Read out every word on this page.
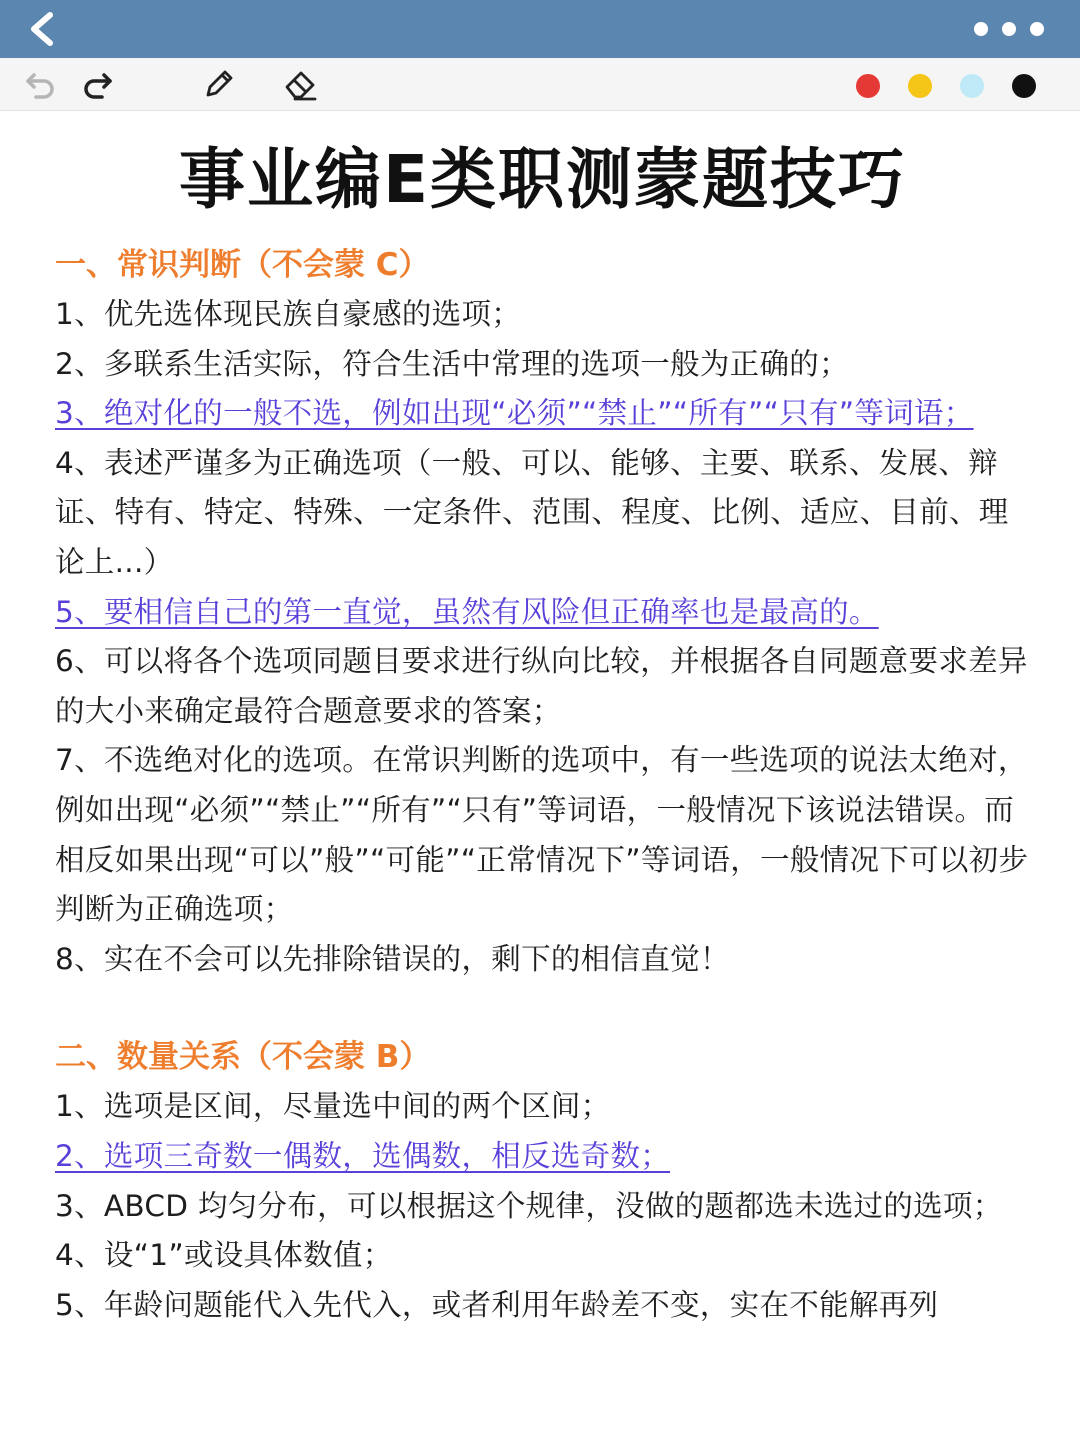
事业编E类职测蒙题技巧
一、常识判断（不会蒙 C）

1、优先选体现民族自豪感的选项；

2、多联系生活实际，符合生活中常理的选项一般为正确的；

3、绝对化的一般不选，例如出现“必须”“禁止”“所有”“只有”等词语；

4、表述严谨多为正确选项（一般、可以、能够、主要、联系、发展、辩证、特有、特定、特殊、一定条件、范围、程度、比例、适应、目前、理论上...）

5、要相信自己的第一直觉，虽然有风险但正确率也是最高的。

6、可以将各个选项同题目要求进行纵向比较，并根据各自同题意要求差异的大小来确定最符合题意要求的答案；

7、不选绝对化的选项。在常识判断的选项中，有一些选项的说法太绝对，例如出现“必须”“禁止”“所有”“只有”等词语，一般情况下该说法错误。而相反如果出现“可以”般”“可能”“正常情况下”等词语，一般情况下可以初步判断为正确选项；

8、实在不会可以先排除错误的，剩下的相信直觉！

二、数量关系（不会蒙 B）

1、选项是区间，尽量选中间的两个区间；

2、选项三奇数一偶数，选偶数，相反选奇数；

3、ABCD 均匀分布，可以根据这个规律，没做的题都选未选过的选项；

4、设“1”或设具体数值；

5、年龄问题能代入先代入，或者利用年龄差不变，实在不能解再列
